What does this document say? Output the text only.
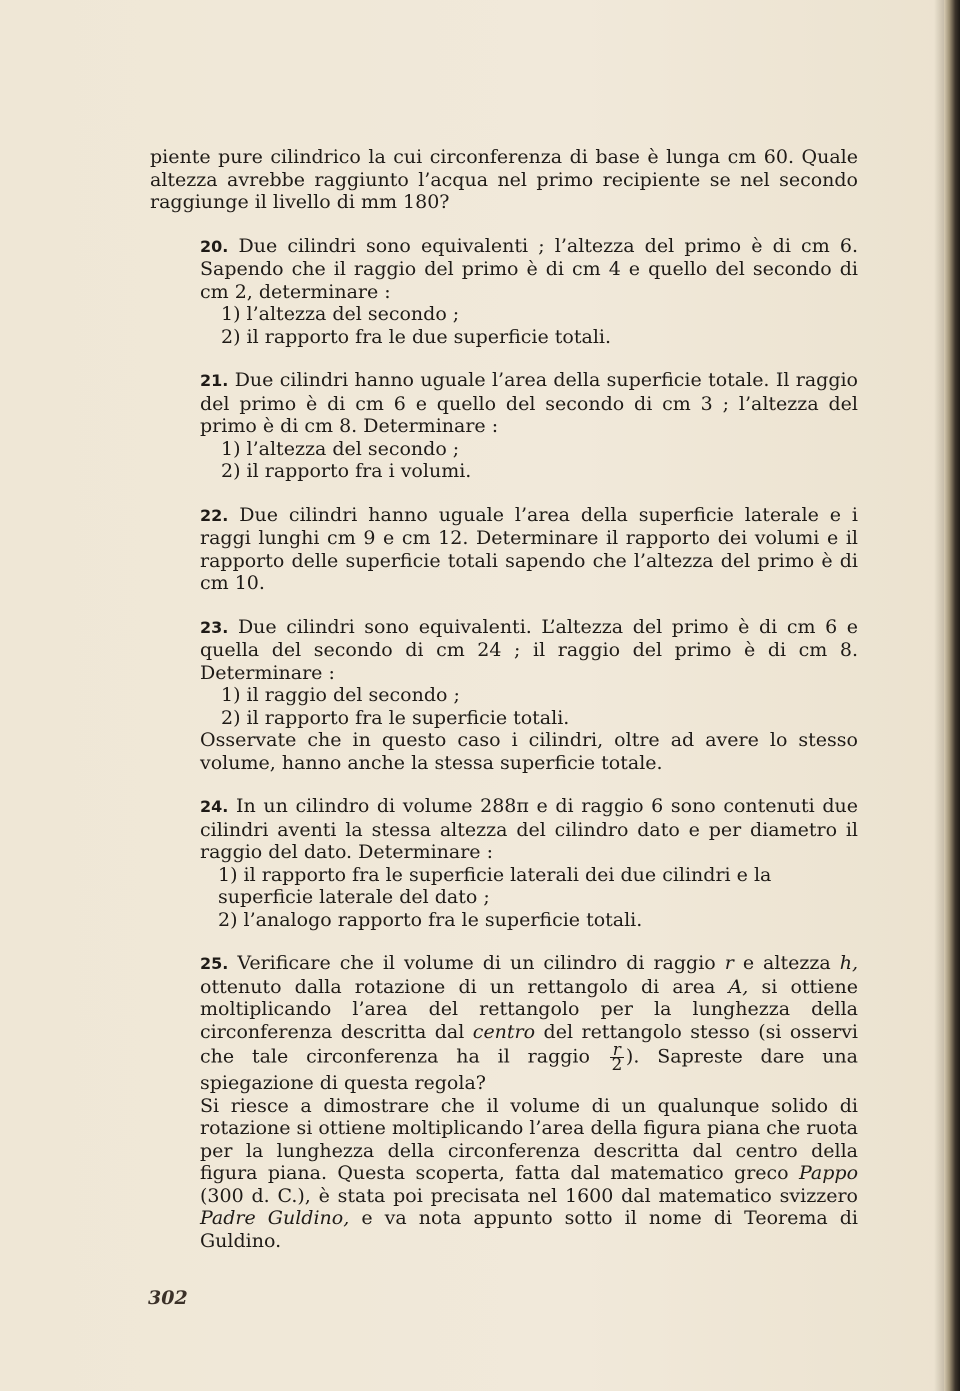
piente pure cilindrico la cui circonferenza di base è lunga cm 60. Quale altezza avrebbe raggiunto l’acqua nel primo recipiente se nel secondo raggiunge il livello di mm 180?

20. Due cilindri sono equivalenti ; l’altezza del primo è di cm 6. Sapendo che il raggio del primo è di cm 4 e quello del secondo di cm 2, determinare :

1) l’altezza del secondo ;

2) il rapporto fra le due superficie totali.

21. Due cilindri hanno uguale l’area della superficie totale. Il raggio del primo è di cm 6 e quello del secondo di cm 3 ; l’altezza del primo è di cm 8. Determinare :

1) l’altezza del secondo ;

2) il rapporto fra i volumi.

22. Due cilindri hanno uguale l’area della superficie laterale e i raggi lunghi cm 9 e cm 12. Determinare il rapporto dei volumi e il rapporto delle superficie totali sapendo che l’altezza del primo è di cm 10.

23. Due cilindri sono equivalenti. L’altezza del primo è di cm 6 e quella del secondo di cm 24 ; il raggio del primo è di cm 8. Determinare :

1) il raggio del secondo ;

2) il rapporto fra le superficie totali.

Osservate che in questo caso i cilindri, oltre ad avere lo stesso volume, hanno anche la stessa superficie totale.

24. In un cilindro di volume 288π e di raggio 6 sono contenuti due cilindri aventi la stessa altezza del cilindro dato e per diametro il raggio del dato. Determinare :

1) il rapporto fra le superficie laterali dei due cilindri e la superficie laterale del dato ;

2) l’analogo rapporto fra le superficie totali.

25. Verificare che il volume di un cilindro di raggio r e altezza h, ottenuto dalla rotazione di un rettangolo di area A, si ottiene moltiplicando l’area del rettangolo per la lunghezza della circonferenza descritta dal centro del rettangolo stesso (si osservi che tale circonferenza ha il raggio $\frac{r}{2}$ ). Sapreste dare una spiegazione di questa regola?

Si riesce a dimostrare che il volume di un qualunque solido di rotazione si ottiene moltiplicando l’area della figura piana che ruota per la lunghezza della circonferenza descritta dal centro della figura piana. Questa scoperta, fatta dal matematico greco Pappo (300 d. C.), è stata poi precisata nel 1600 dal matematico svizzero Padre Guldino, e va nota appunto sotto il nome di Teorema di Guldino.

302
